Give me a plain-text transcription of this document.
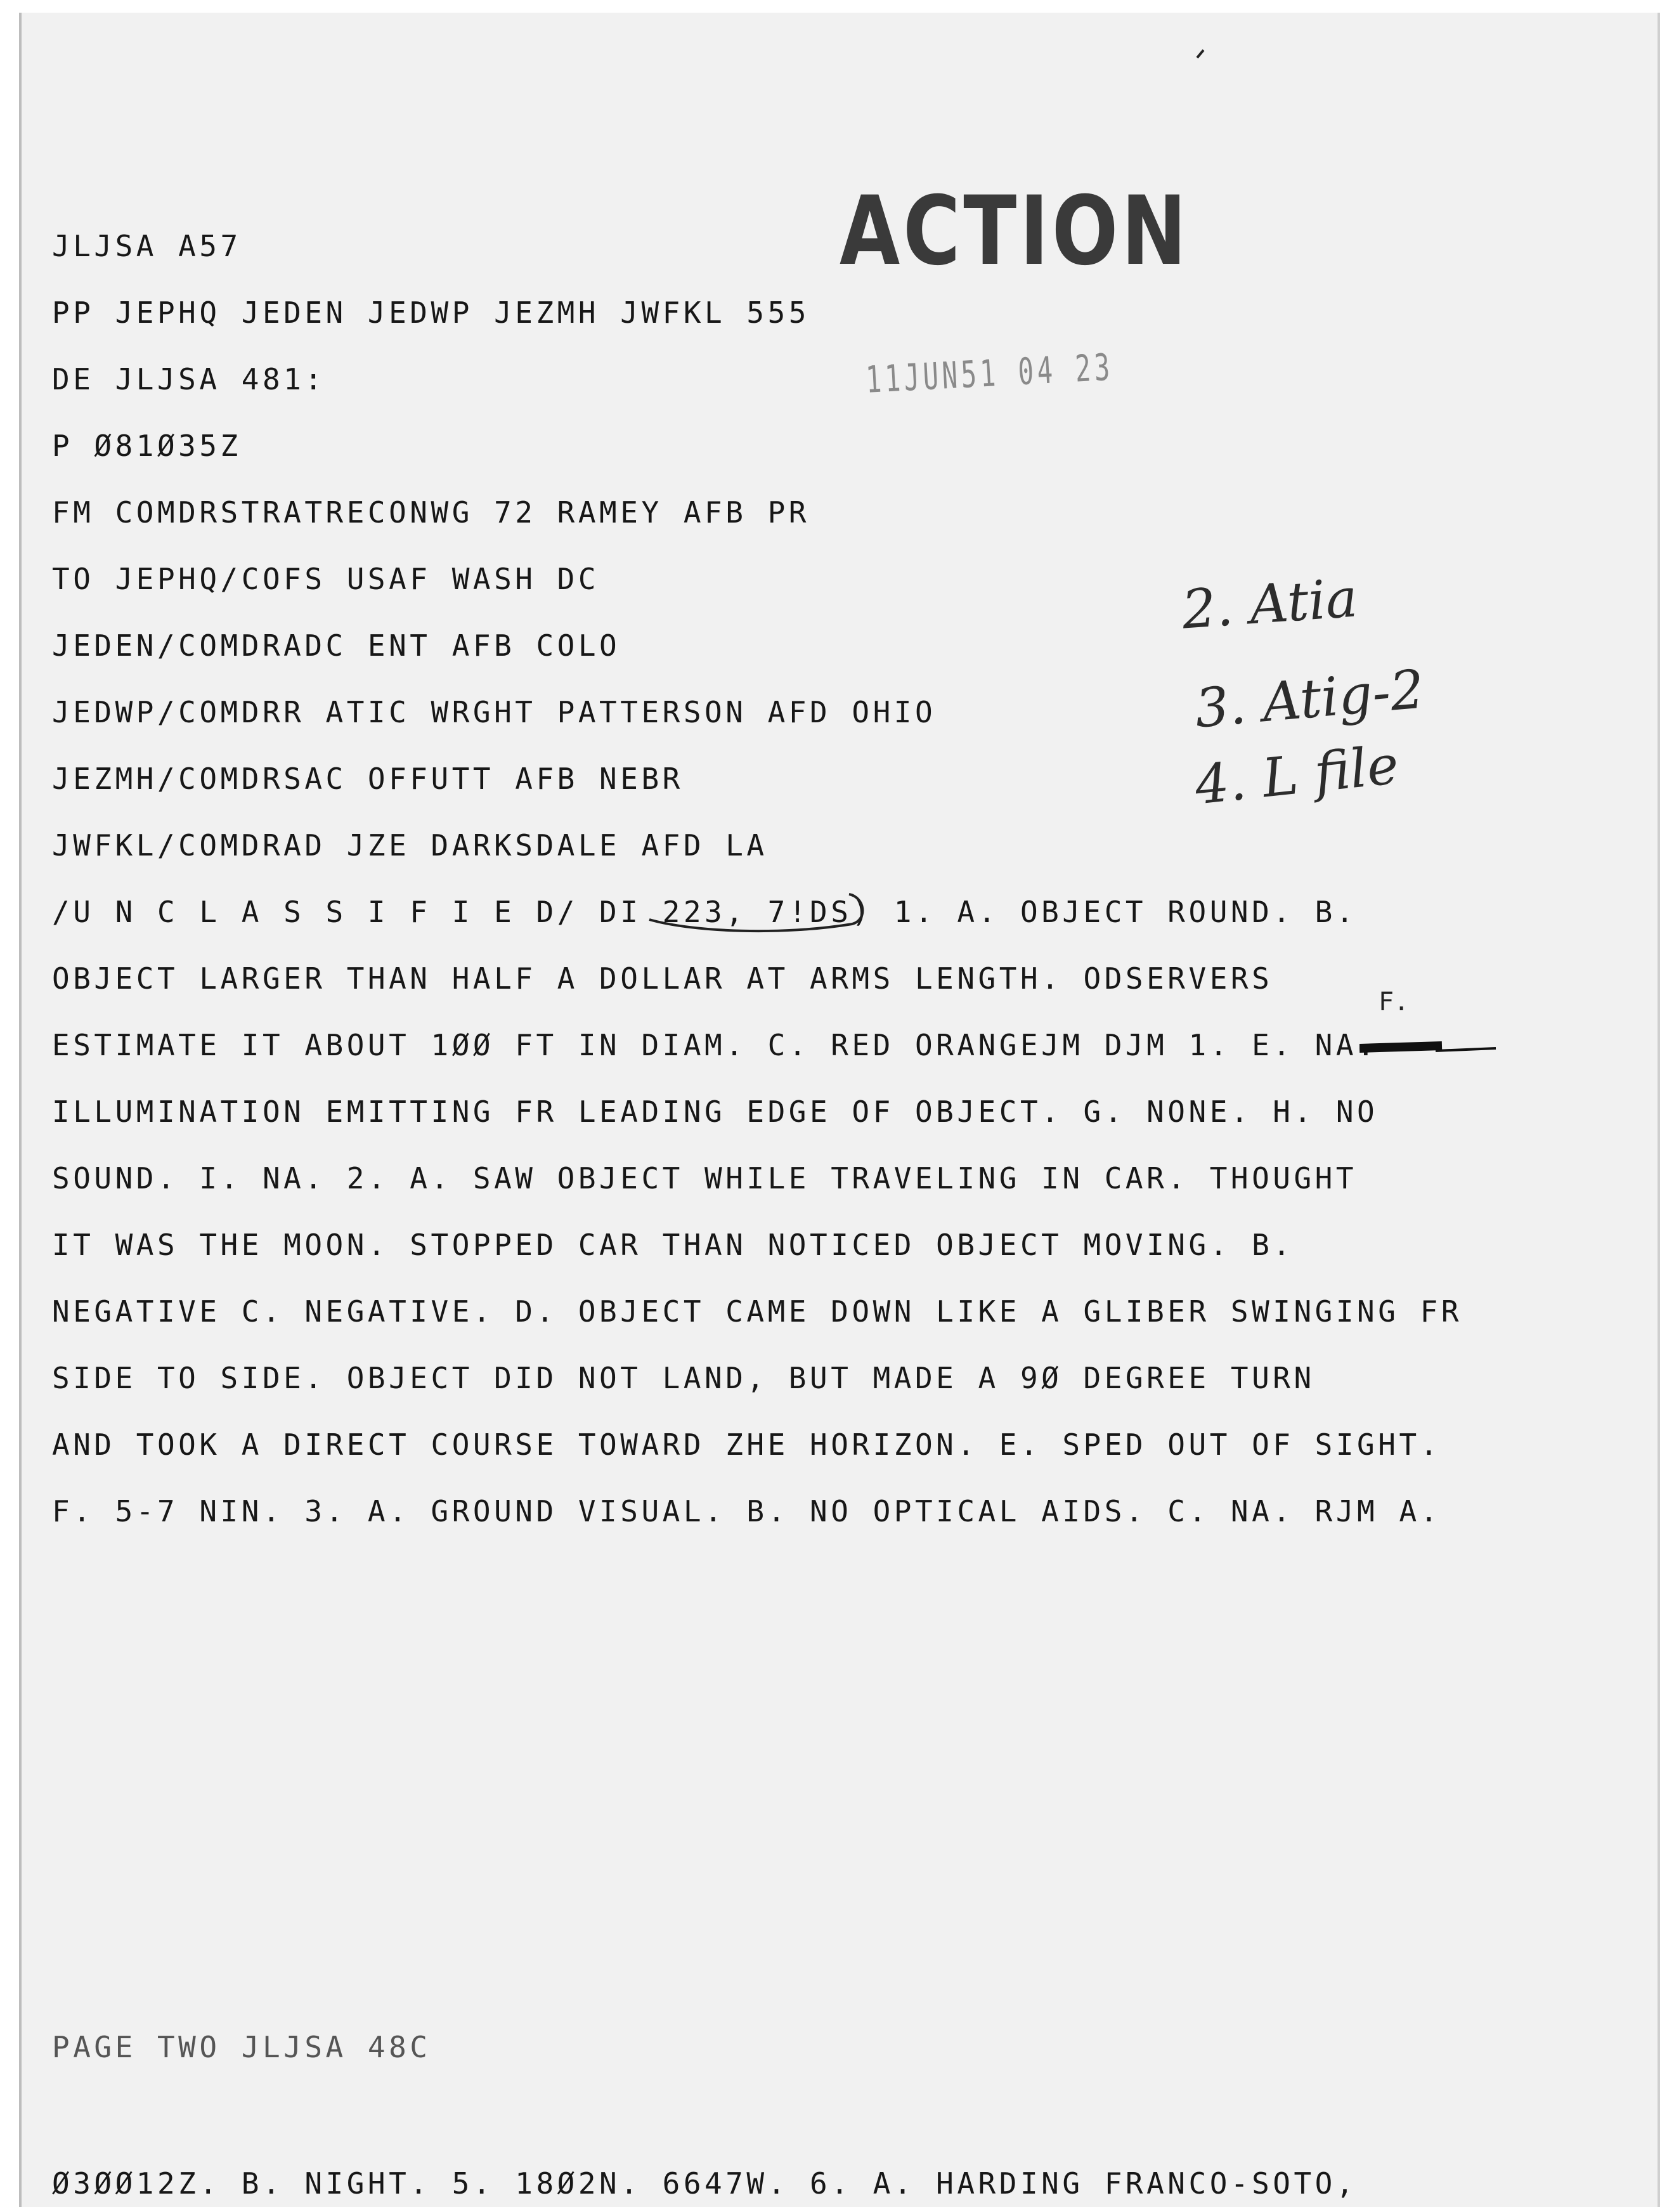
ACTION
11JUN51 04 23
JLJSA A57
PP JEPHQ JEDEN JEDWP JEZMH JWFKL 555
DE JLJSA 481:
P Ø81Ø35Z
FM COMDRSTRATRECONWG 72 RAMEY AFB PR
TO JEPHQ/COFS USAF WASH DC
JEDEN/COMDRADC ENT AFB COLO
JEDWP/COMDRR ATIC WRGHT PATTERSON AFD OHIO
JEZMH/COMDRSAC OFFUTT AFB NEBR
JWFKL/COMDRAD JZE DARKSDALE AFD LA
/U N C L A S S I F I E D/ DI 223, 7!DS) 1. A. OBJECT ROUND. B.
OBJECT LARGER THAN HALF A DOLLAR AT ARMS LENGTH. ODSERVERS
ESTIMATE IT ABOUT 1ØØ FT IN DIAM. C. RED ORANGEJM DJM 1. E. NA.
ILLUMINATION EMITTING FR LEADING EDGE OF OBJECT. G. NONE. H. NO
SOUND. I. NA. 2. A. SAW OBJECT WHILE TRAVELING IN CAR. THOUGHT
IT WAS THE MOON. STOPPED CAR THAN NOTICED OBJECT MOVING. B.
NEGATIVE C. NEGATIVE. D. OBJECT CAME DOWN LIKE A GLIBER SWINGING FR
SIDE TO SIDE. OBJECT DID NOT LAND, BUT MADE A 9Ø DEGREE TURN
AND TOOK A DIRECT COURSE TOWARD ZHE HORIZON. E. SPED OUT OF SIGHT.
F. 5-7 NIN. 3. A. GROUND VISUAL. B. NO OPTICAL AIDS. C. NA. RJM A.
F.
2. Atia
3. Atig-2
4. L file
PAGE TWO JLJSA 48C
Ø3ØØ12Z. B. NIGHT. 5. 18Ø2N. 6647W. 6. A. HARDING FRANCO-SOTO,
